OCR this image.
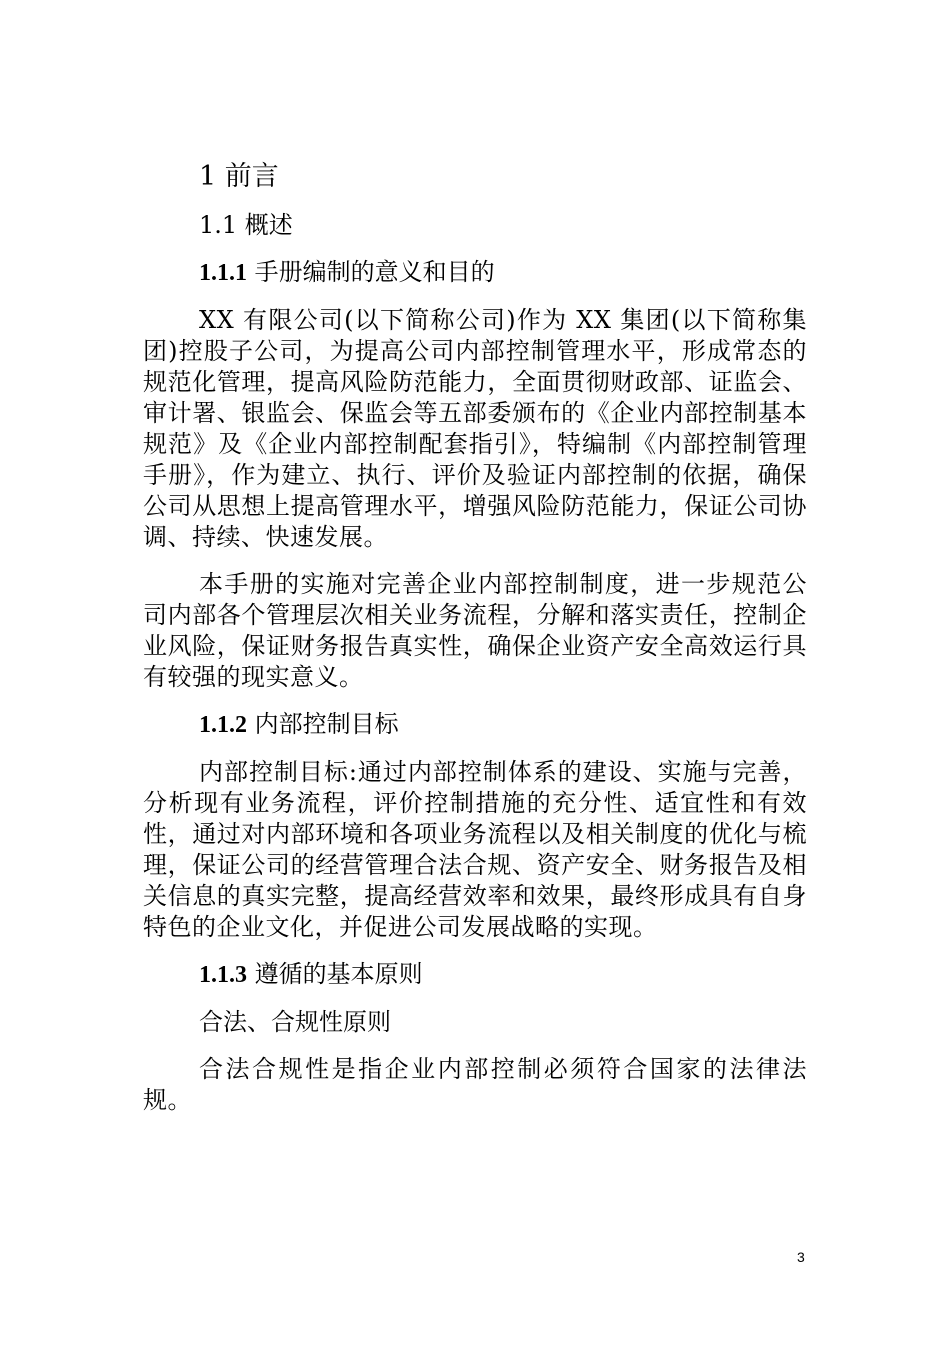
1 前言

1.1 概述

1.1.1 手册编制的意义和目的

XX 有限公司(以下简称公司)作为 XX 集团(以下简称集团)控股子公司，为提高公司内部控制管理水平，形成常态的规范化管理，提高风险防范能力，全面贯彻财政部、证监会、审计署、银监会、保监会等五部委颁布的《企业内部控制基本规范》及《企业内部控制配套指引》，特编制《内部控制管理手册》，作为建立、执行、评价及验证内部控制的依据，确保公司从思想上提高管理水平，增强风险防范能力，保证公司协调、持续、快速发展。

本手册的实施对完善企业内部控制制度，进一步规范公司内部各个管理层次相关业务流程，分解和落实责任，控制企业风险，保证财务报告真实性，确保企业资产安全高效运行具有较强的现实意义。

1.1.2 内部控制目标

内部控制目标:通过内部控制体系的建设、实施与完善，分析现有业务流程，评价控制措施的充分性、适宜性和有效性，通过对内部环境和各项业务流程以及相关制度的优化与梳理，保证公司的经营管理合法合规、资产安全、财务报告及相关信息的真实完整，提高经营效率和效果，最终形成具有自身特色的企业文化，并促进公司发展战略的实现。

1.1.3 遵循的基本原则

合法、合规性原则

合法合规性是指企业内部控制必须符合国家的法律法规。

3
